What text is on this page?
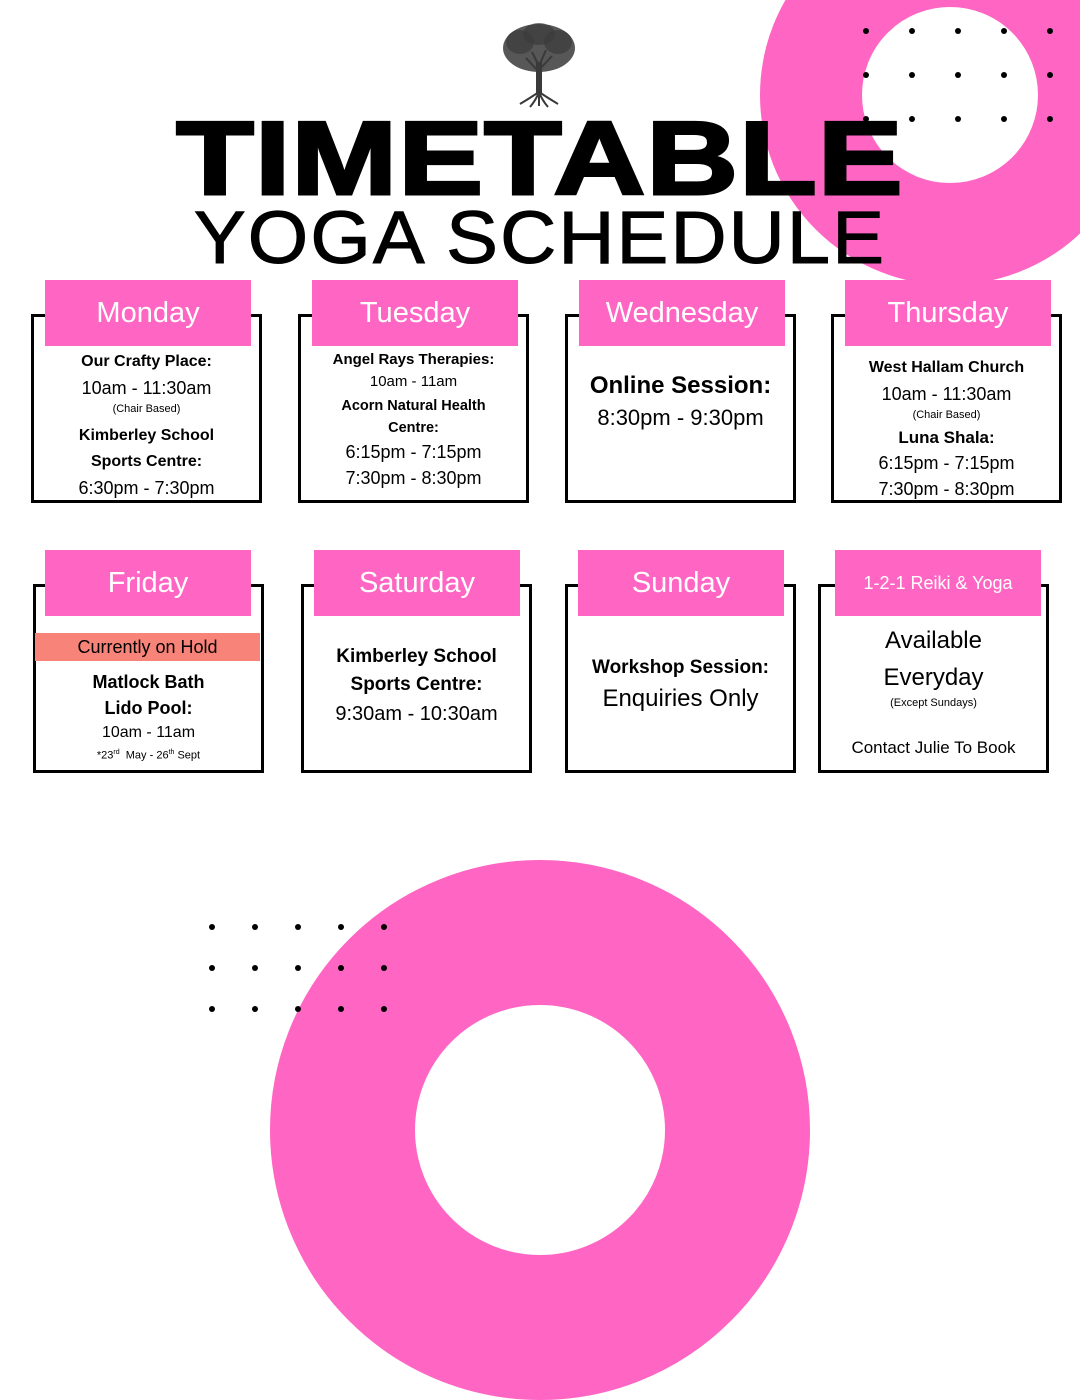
TIMETABLE
YOGA SCHEDULE
Our Crafty Place:
10am - 11:30am
(Chair Based)
Kimberley School
Sports Centre:
6:30pm - 7:30pm
Monday
Angel Rays Therapies:
10am - 11am
Acorn Natural Health
Centre:
6:15pm - 7:15pm
7:30pm - 8:30pm
Tuesday
Online Session:
8:30pm - 9:30pm
Wednesday
West Hallam Church
10am - 11:30am
(Chair Based)
Luna Shala:
6:15pm - 7:15pm
7:30pm - 8:30pm
Thursday
Matlock Bath
Lido Pool:
10am - 11am
*23rd  May - 26th Sept
Friday
Currently on Hold	Kimberley School
Sports Centre:
9:30am - 10:30am
Saturday
Workshop Session:
Enquiries Only
Sunday
Available
Everyday
(Except Sundays)
Contact Julie To Book
1-2-1 Reiki & Yoga
